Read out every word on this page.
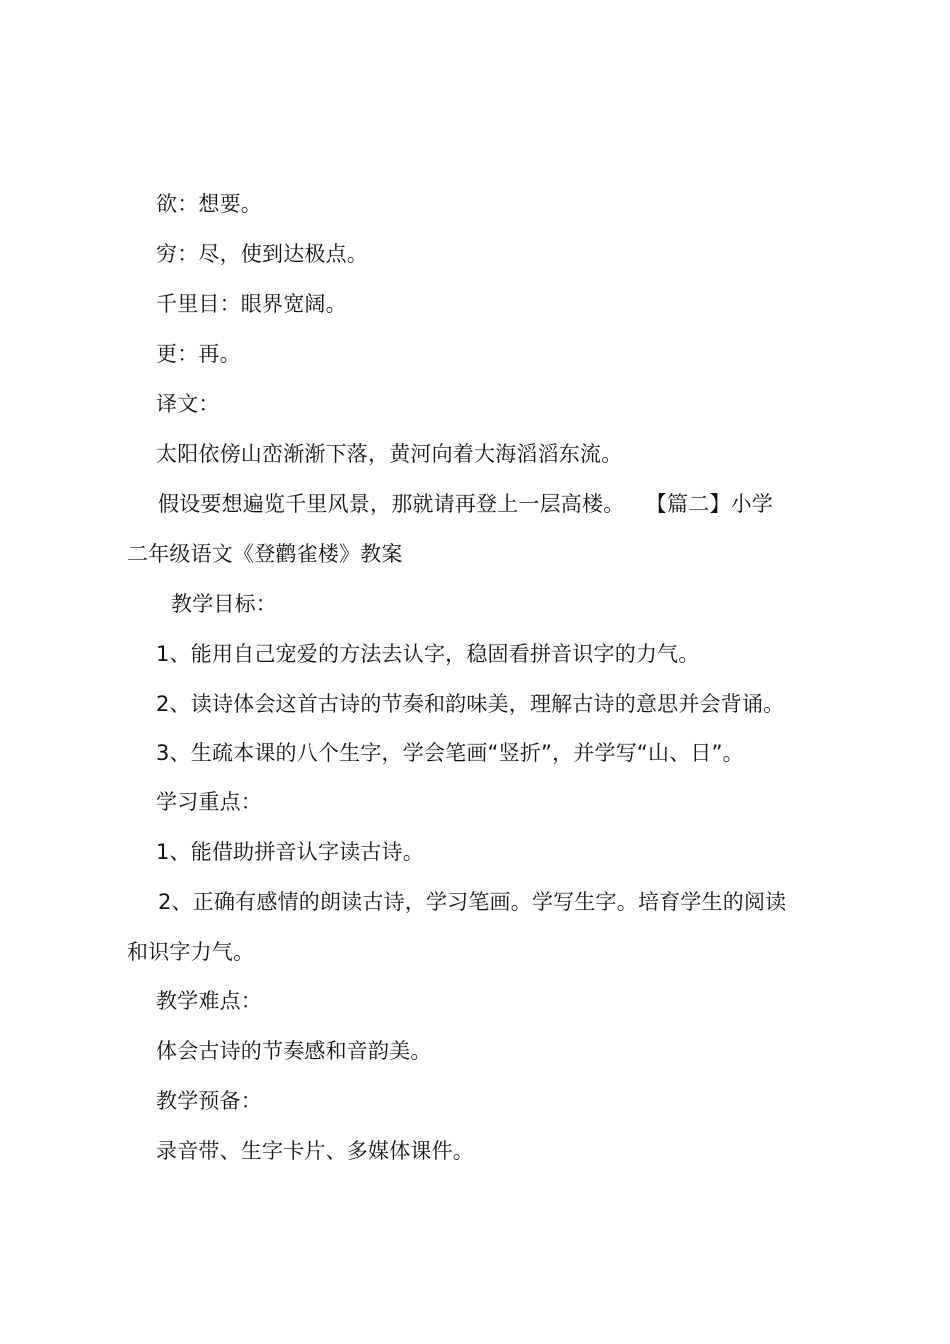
欲：想要。
穷：尽，使到达极点。
千里目：眼界宽阔。
更：再。
译文：
太阳依傍山峦渐渐下落，黄河向着大海滔滔东流。
假设要想遍览千里风景，那就请再登上一层高楼。　　【篇二】小学
二年级语文《登鹳雀楼》教案
教学目标：
1、能用自己宠爱的方法去认字，稳固看拼音识字的力气。
2、读诗体会这首古诗的节奏和韵味美，理解古诗的意思并会背诵。
3、生疏本课的八个生字，学会笔画“竖折”，并学写“山、日”。
学习重点：
1、能借助拼音认字读古诗。
2、正确有感情的朗读古诗，学习笔画。学写生字。培育学生的阅读
和识字力气。
教学难点：
体会古诗的节奏感和音韵美。
教学预备：
录音带、生字卡片、多媒体课件。
